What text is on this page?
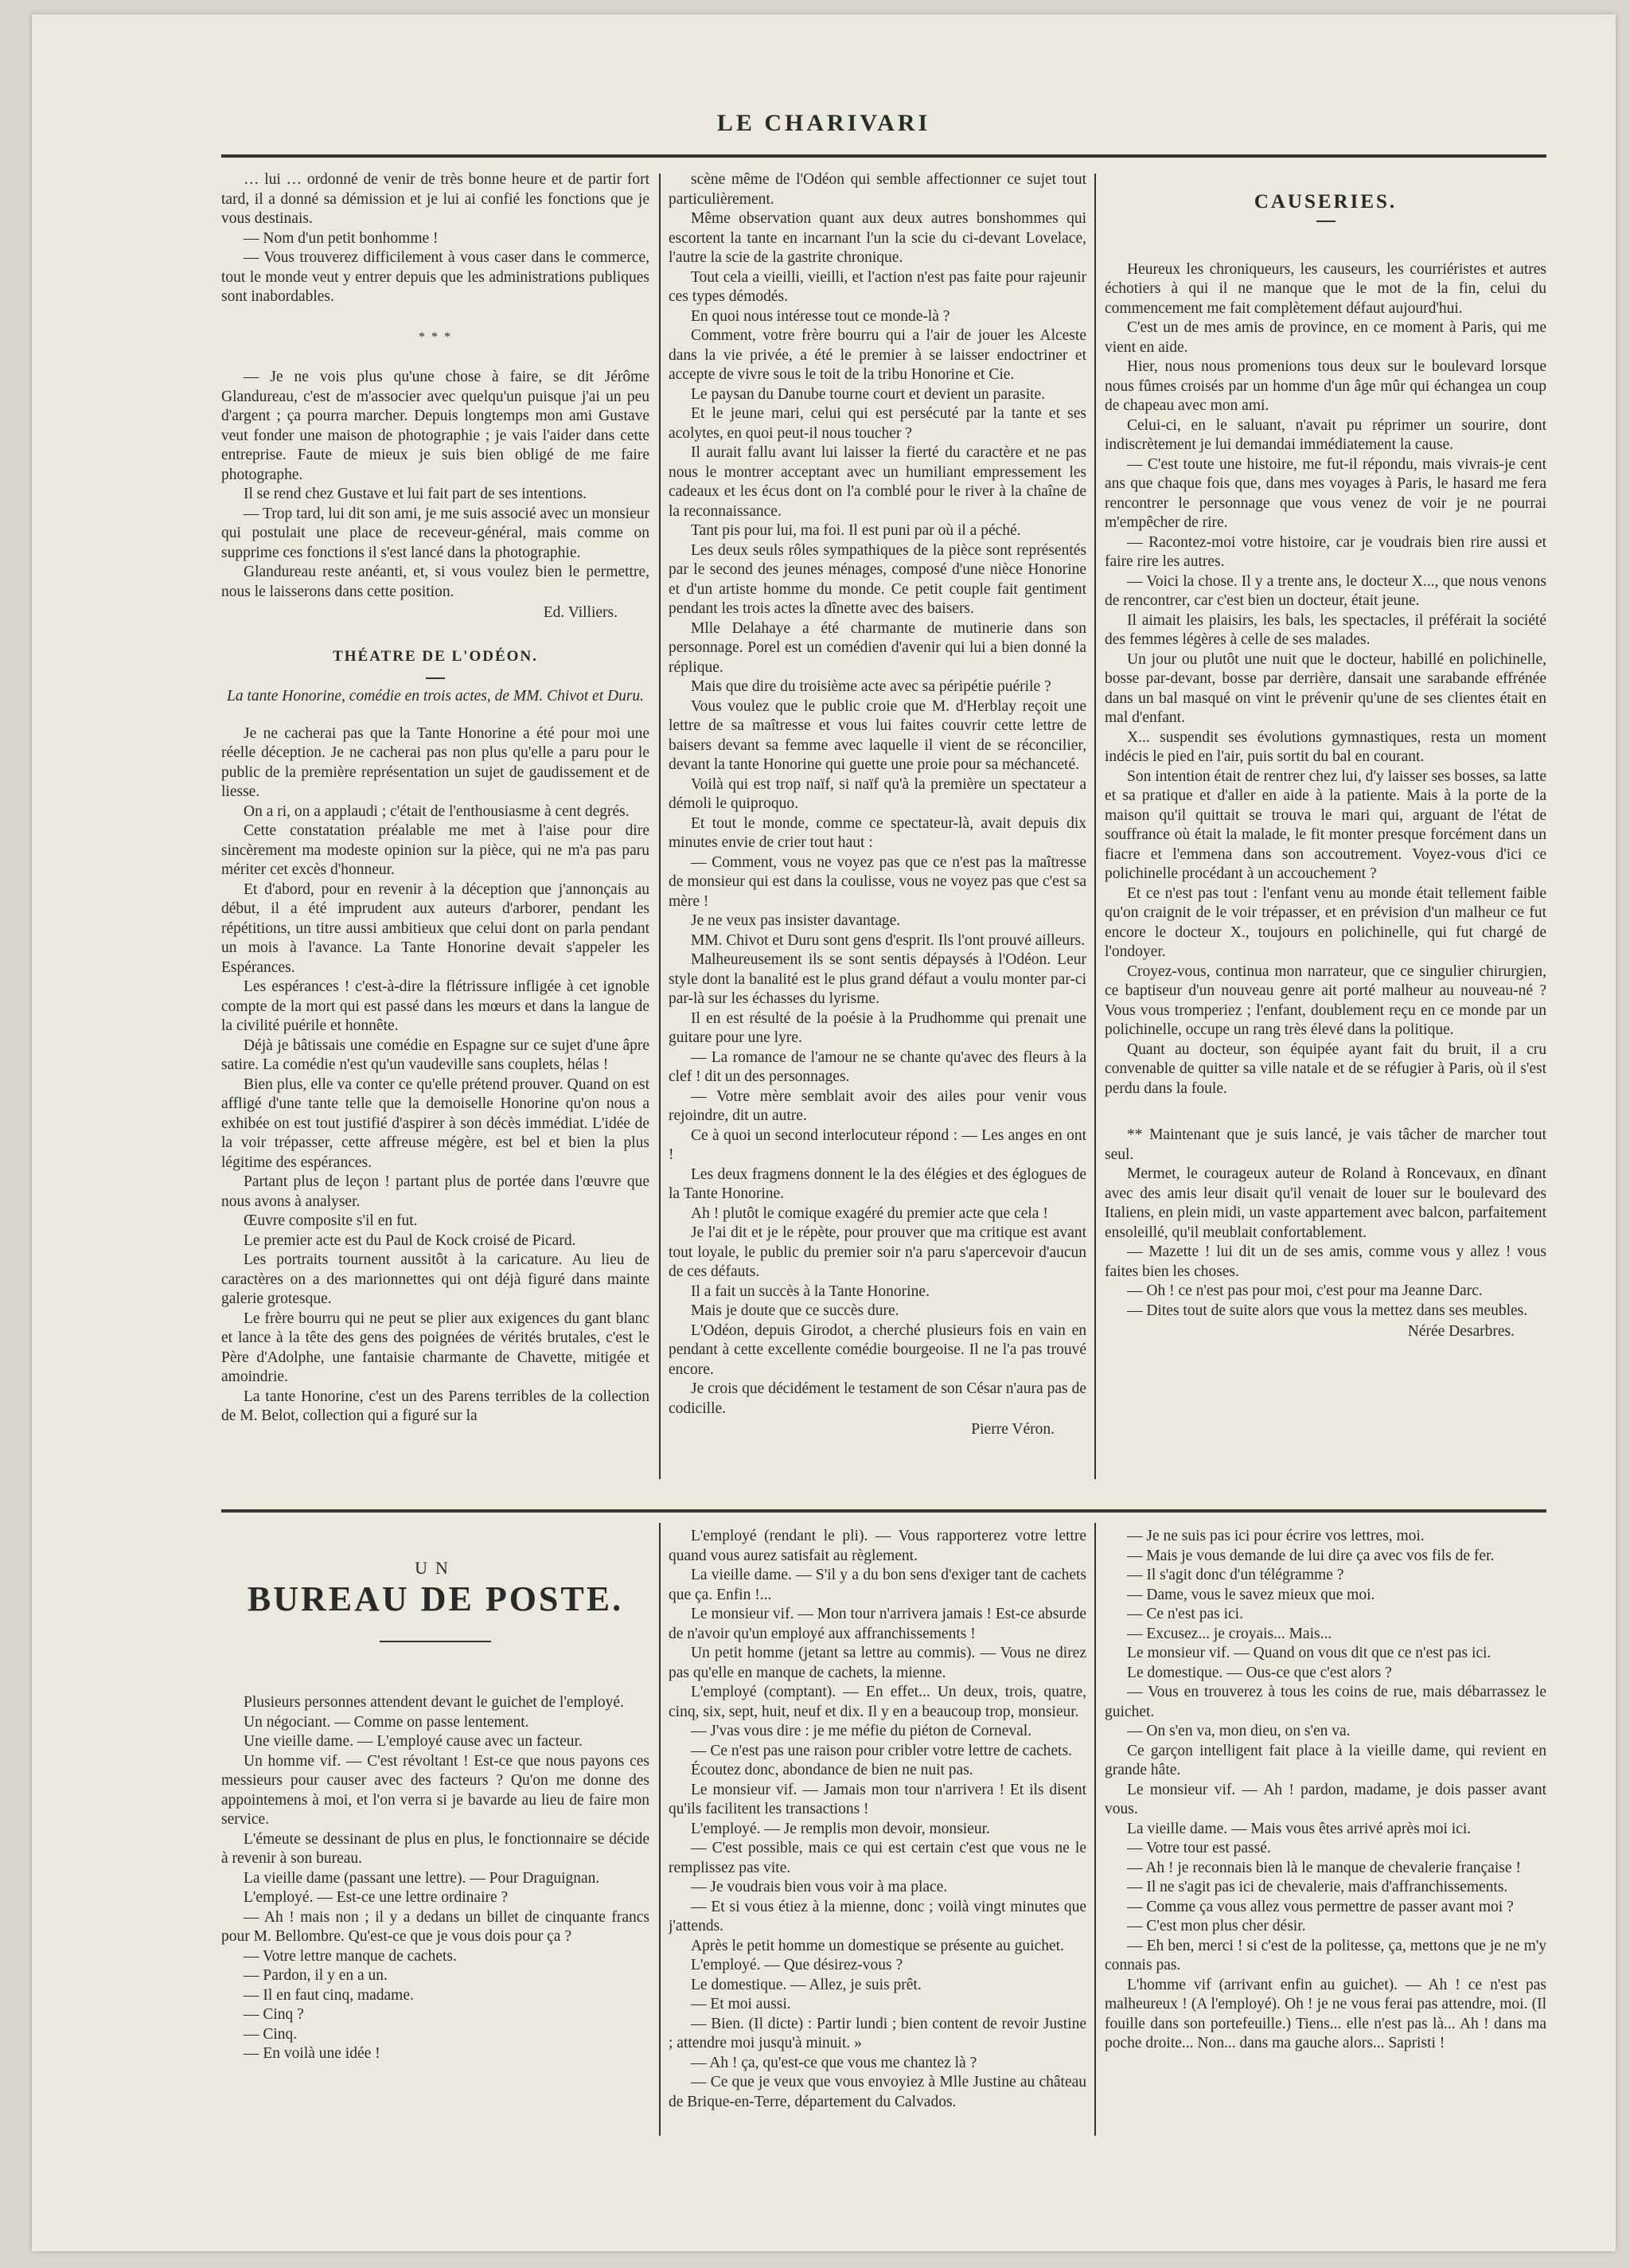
LE CHARIVARI

… lui … ordonné de venir de très bonne heure et de partir fort tard, il a donné sa démission et je lui ai confié les fonctions que je vous destinais.

— Nom d'un petit bonhomme !

— Vous trouverez difficilement à vous caser dans le commerce, tout le monde veut y entrer depuis que les administrations publiques sont inabordables.

* * *

— Je ne vois plus qu'une chose à faire, se dit Jérôme Glandureau, c'est de m'associer avec quelqu'un puisque j'ai un peu d'argent ; ça pourra marcher. Depuis longtemps mon ami Gustave veut fonder une maison de photographie ; je vais l'aider dans cette entreprise. Faute de mieux je suis bien obligé de me faire photographe.

Il se rend chez Gustave et lui fait part de ses intentions.

— Trop tard, lui dit son ami, je me suis associé avec un monsieur qui postulait une place de receveur-général, mais comme on supprime ces fonctions il s'est lancé dans la photographie.

Glandureau reste anéanti, et, si vous voulez bien le permettre, nous le laisserons dans cette position.

Ed. Villiers.

THÉATRE DE L'ODÉON.
La tante Honorine, comédie en trois actes, de MM. Chivot et Duru.

Je ne cacherai pas que la Tante Honorine a été pour moi une réelle déception. Je ne cacherai pas non plus qu'elle a paru pour le public de la première représentation un sujet de gaudissement et de liesse.

On a ri, on a applaudi ; c'était de l'enthousiasme à cent degrés.

Cette constatation préalable me met à l'aise pour dire sincèrement ma modeste opinion sur la pièce, qui ne m'a pas paru mériter cet excès d'honneur.

Et d'abord, pour en revenir à la déception que j'annonçais au début, il a été imprudent aux auteurs d'arborer, pendant les répétitions, un titre aussi ambitieux que celui dont on parla pendant un mois à l'avance. La Tante Honorine devait s'appeler les Espérances.

Les espérances ! c'est-à-dire la flétrissure infligée à cet ignoble compte de la mort qui est passé dans les mœurs et dans la langue de la civilité puérile et honnête.

Déjà je bâtissais une comédie en Espagne sur ce sujet d'une âpre satire. La comédie n'est qu'un vaudeville sans couplets, hélas !

Bien plus, elle va conter ce qu'elle prétend prouver. Quand on est affligé d'une tante telle que la demoiselle Honorine qu'on nous a exhibée on est tout justifié d'aspirer à son décès immédiat. L'idée de la voir trépasser, cette affreuse mégère, est bel et bien la plus légitime des espérances.

Partant plus de leçon ! partant plus de portée dans l'œuvre que nous avons à analyser.

Œuvre composite s'il en fut.

Le premier acte est du Paul de Kock croisé de Picard.

Les portraits tournent aussitôt à la caricature. Au lieu de caractères on a des marionnettes qui ont déjà figuré dans mainte galerie grotesque.

Le frère bourru qui ne peut se plier aux exigences du gant blanc et lance à la tête des gens des poignées de vérités brutales, c'est le Père d'Adolphe, une fantaisie charmante de Chavette, mitigée et amoindrie.

La tante Honorine, c'est un des Parens terribles de la collection de M. Belot, collection qui a figuré sur la

scène même de l'Odéon qui semble affectionner ce sujet tout particulièrement.

Même observation quant aux deux autres bonshommes qui escortent la tante en incarnant l'un la scie du ci-devant Lovelace, l'autre la scie de la gastrite chronique.

Tout cela a vieilli, vieilli, et l'action n'est pas faite pour rajeunir ces types démodés.

En quoi nous intéresse tout ce monde-là ?

Comment, votre frère bourru qui a l'air de jouer les Alceste dans la vie privée, a été le premier à se laisser endoctriner et accepte de vivre sous le toit de la tribu Honorine et Cie.

Le paysan du Danube tourne court et devient un parasite.

Et le jeune mari, celui qui est persécuté par la tante et ses acolytes, en quoi peut-il nous toucher ?

Il aurait fallu avant lui laisser la fierté du caractère et ne pas nous le montrer acceptant avec un humiliant empressement les cadeaux et les écus dont on l'a comblé pour le river à la chaîne de la reconnaissance.

Tant pis pour lui, ma foi. Il est puni par où il a péché.

Les deux seuls rôles sympathiques de la pièce sont représentés par le second des jeunes ménages, composé d'une nièce Honorine et d'un artiste homme du monde. Ce petit couple fait gentiment pendant les trois actes la dînette avec des baisers.

Mlle Delahaye a été charmante de mutinerie dans son personnage. Porel est un comédien d'avenir qui lui a bien donné la réplique.

Mais que dire du troisième acte avec sa péripétie puérile ?

Vous voulez que le public croie que M. d'Herblay reçoit une lettre de sa maîtresse et vous lui faites couvrir cette lettre de baisers devant sa femme avec laquelle il vient de se réconcilier, devant la tante Honorine qui guette une proie pour sa méchanceté.

Voilà qui est trop naïf, si naïf qu'à la première un spectateur a démoli le quiproquo.

Et tout le monde, comme ce spectateur-là, avait depuis dix minutes envie de crier tout haut :

— Comment, vous ne voyez pas que ce n'est pas la maîtresse de monsieur qui est dans la coulisse, vous ne voyez pas que c'est sa mère !

Je ne veux pas insister davantage.

MM. Chivot et Duru sont gens d'esprit. Ils l'ont prouvé ailleurs.

Malheureusement ils se sont sentis dépaysés à l'Odéon. Leur style dont la banalité est le plus grand défaut a voulu monter par-ci par-là sur les échasses du lyrisme.

Il en est résulté de la poésie à la Prudhomme qui prenait une guitare pour une lyre.

— La romance de l'amour ne se chante qu'avec des fleurs à la clef ! dit un des personnages.

— Votre mère semblait avoir des ailes pour venir vous rejoindre, dit un autre.

Ce à quoi un second interlocuteur répond : — Les anges en ont !

Les deux fragmens donnent le la des élégies et des églogues de la Tante Honorine.

Ah ! plutôt le comique exagéré du premier acte que cela !

Je l'ai dit et je le répète, pour prouver que ma critique est avant tout loyale, le public du premier soir n'a paru s'apercevoir d'aucun de ces défauts.

Il a fait un succès à la Tante Honorine.

Mais je doute que ce succès dure.

L'Odéon, depuis Girodot, a cherché plusieurs fois en vain en pendant à cette excellente comédie bourgeoise. Il ne l'a pas trouvé encore.

Je crois que décidément le testament de son César n'aura pas de codicille.

Pierre Véron.

CAUSERIES.

Heureux les chroniqueurs, les causeurs, les courriéristes et autres échotiers à qui il ne manque que le mot de la fin, celui du commencement me fait complètement défaut aujourd'hui.

C'est un de mes amis de province, en ce moment à Paris, qui me vient en aide.

Hier, nous nous promenions tous deux sur le boulevard lorsque nous fûmes croisés par un homme d'un âge mûr qui échangea un coup de chapeau avec mon ami.

Celui-ci, en le saluant, n'avait pu réprimer un sourire, dont indiscrètement je lui demandai immédiatement la cause.

— C'est toute une histoire, me fut-il répondu, mais vivrais-je cent ans que chaque fois que, dans mes voyages à Paris, le hasard me fera rencontrer le personnage que vous venez de voir je ne pourrai m'empêcher de rire.

— Racontez-moi votre histoire, car je voudrais bien rire aussi et faire rire les autres.

— Voici la chose. Il y a trente ans, le docteur X..., que nous venons de rencontrer, car c'est bien un docteur, était jeune.

Il aimait les plaisirs, les bals, les spectacles, il préférait la société des femmes légères à celle de ses malades.

Un jour ou plutôt une nuit que le docteur, habillé en polichinelle, bosse par-devant, bosse par derrière, dansait une sarabande effrénée dans un bal masqué on vint le prévenir qu'une de ses clientes était en mal d'enfant.

X... suspendit ses évolutions gymnastiques, resta un moment indécis le pied en l'air, puis sortit du bal en courant.

Son intention était de rentrer chez lui, d'y laisser ses bosses, sa latte et sa pratique et d'aller en aide à la patiente. Mais à la porte de la maison qu'il quittait se trouva le mari qui, arguant de l'état de souffrance où était la malade, le fit monter presque forcément dans un fiacre et l'emmena dans son accoutrement. Voyez-vous d'ici ce polichinelle procédant à un accouchement ?

Et ce n'est pas tout : l'enfant venu au monde était tellement faible qu'on craignit de le voir trépasser, et en prévision d'un malheur ce fut encore le docteur X., toujours en polichinelle, qui fut chargé de l'ondoyer.

Croyez-vous, continua mon narrateur, que ce singulier chirurgien, ce baptiseur d'un nouveau genre ait porté malheur au nouveau-né ? Vous vous tromperiez ; l'enfant, doublement reçu en ce monde par un polichinelle, occupe un rang très élevé dans la politique.

Quant au docteur, son équipée ayant fait du bruit, il a cru convenable de quitter sa ville natale et de se réfugier à Paris, où il s'est perdu dans la foule.

** Maintenant que je suis lancé, je vais tâcher de marcher tout seul.

Mermet, le courageux auteur de Roland à Roncevaux, en dînant avec des amis leur disait qu'il venait de louer sur le boulevard des Italiens, en plein midi, un vaste appartement avec balcon, parfaitement ensoleillé, qu'il meublait confortablement.

— Mazette ! lui dit un de ses amis, comme vous y allez ! vous faites bien les choses.

— Oh ! ce n'est pas pour moi, c'est pour ma Jeanne Darc.

— Dites tout de suite alors que vous la mettez dans ses meubles.

Nérée Desarbres.

UN
BUREAU DE POSTE.

Plusieurs personnes attendent devant le guichet de l'employé.

Un négociant. — Comme on passe lentement.

Une vieille dame. — L'employé cause avec un facteur.

Un homme vif. — C'est révoltant ! Est-ce que nous payons ces messieurs pour causer avec des facteurs ? Qu'on me donne des appointemens à moi, et l'on verra si je bavarde au lieu de faire mon service.

L'émeute se dessinant de plus en plus, le fonctionnaire se décide à revenir à son bureau.

La vieille dame (passant une lettre). — Pour Draguignan.

L'employé. — Est-ce une lettre ordinaire ?

— Ah ! mais non ; il y a dedans un billet de cinquante francs pour M. Bellombre. Qu'est-ce que je vous dois pour ça ?

— Votre lettre manque de cachets.

— Pardon, il y en a un.

— Il en faut cinq, madame.

— Cinq ?

— Cinq.

— En voilà une idée !

L'employé (rendant le pli). — Vous rapporterez votre lettre quand vous aurez satisfait au règlement.

La vieille dame. — S'il y a du bon sens d'exiger tant de cachets que ça. Enfin !...

Le monsieur vif. — Mon tour n'arrivera jamais ! Est-ce absurde de n'avoir qu'un employé aux affranchissements !

Un petit homme (jetant sa lettre au commis). — Vous ne direz pas qu'elle en manque de cachets, la mienne.

L'employé (comptant). — En effet... Un deux, trois, quatre, cinq, six, sept, huit, neuf et dix. Il y en a beaucoup trop, monsieur.

— J'vas vous dire : je me méfie du piéton de Corneval.

— Ce n'est pas une raison pour cribler votre lettre de cachets.

Écoutez donc, abondance de bien ne nuit pas.

Le monsieur vif. — Jamais mon tour n'arrivera ! Et ils disent qu'ils facilitent les transactions !

L'employé. — Je remplis mon devoir, monsieur.

— C'est possible, mais ce qui est certain c'est que vous ne le remplissez pas vite.

— Je voudrais bien vous voir à ma place.

— Et si vous étiez à la mienne, donc ; voilà vingt minutes que j'attends.

Après le petit homme un domestique se présente au guichet.

L'employé. — Que désirez-vous ?

Le domestique. — Allez, je suis prêt.

— Et moi aussi.

— Bien. (Il dicte) : Partir lundi ; bien content de revoir Justine ; attendre moi jusqu'à minuit. »

— Ah ! ça, qu'est-ce que vous me chantez là ?

— Ce que je veux que vous envoyiez à Mlle Justine au château de Brique-en-Terre, département du Calvados.

— Je ne suis pas ici pour écrire vos lettres, moi.

— Mais je vous demande de lui dire ça avec vos fils de fer.

— Il s'agit donc d'un télégramme ?

— Dame, vous le savez mieux que moi.

— Ce n'est pas ici.

— Excusez... je croyais... Mais...

Le monsieur vif. — Quand on vous dit que ce n'est pas ici.

Le domestique. — Ous-ce que c'est alors ?

— Vous en trouverez à tous les coins de rue, mais débarrassez le guichet.

— On s'en va, mon dieu, on s'en va.

Ce garçon intelligent fait place à la vieille dame, qui revient en grande hâte.

Le monsieur vif. — Ah ! pardon, madame, je dois passer avant vous.

La vieille dame. — Mais vous êtes arrivé après moi ici.

— Votre tour est passé.

— Ah ! je reconnais bien là le manque de chevalerie française !

— Il ne s'agit pas ici de chevalerie, mais d'affranchissements.

— Comme ça vous allez vous permettre de passer avant moi ?

— C'est mon plus cher désir.

— Eh ben, merci ! si c'est de la politesse, ça, mettons que je ne m'y connais pas.

L'homme vif (arrivant enfin au guichet). — Ah ! ce n'est pas malheureux ! (A l'employé). Oh ! je ne vous ferai pas attendre, moi. (Il fouille dans son portefeuille.) Tiens... elle n'est pas là... Ah ! dans ma poche droite... Non... dans ma gauche alors... Sapristi !
